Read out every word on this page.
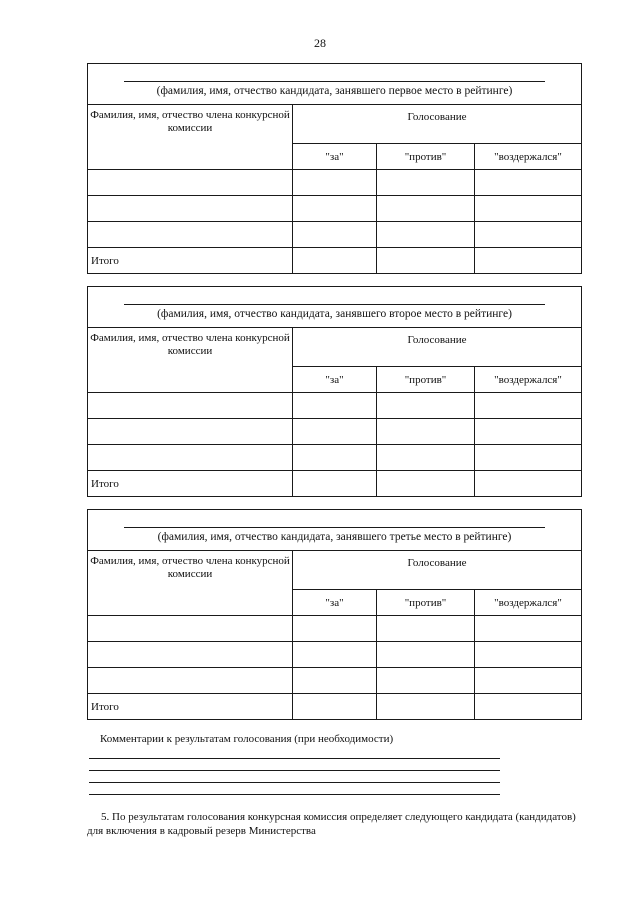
28
(фамилия, имя, отчество кандидата, занявшего первое место в рейтинге)			

Фамилия, имя, отчество члена конкурсной комиссии	Голосование		
	"за"	"против"	"воздержался"

Итого			
(фамилия, имя, отчество кандидата, занявшего второе место в рейтинге)			

Фамилия, имя, отчество члена конкурсной комиссии	Голосование		
	"за"	"против"	"воздержался"

Итого			
(фамилия, имя, отчество кандидата, занявшего третье место в рейтинге)			

Фамилия, имя, отчество члена конкурсной комиссии	Голосование		
	"за"	"против"	"воздержался"

Итого			
Комментарии к результатам голосования (при необходимости)
5. По результатам голосования конкурсная комиссия определяет следующего кандидата (кандидатов) для включения в кадровый резерв Министерства
